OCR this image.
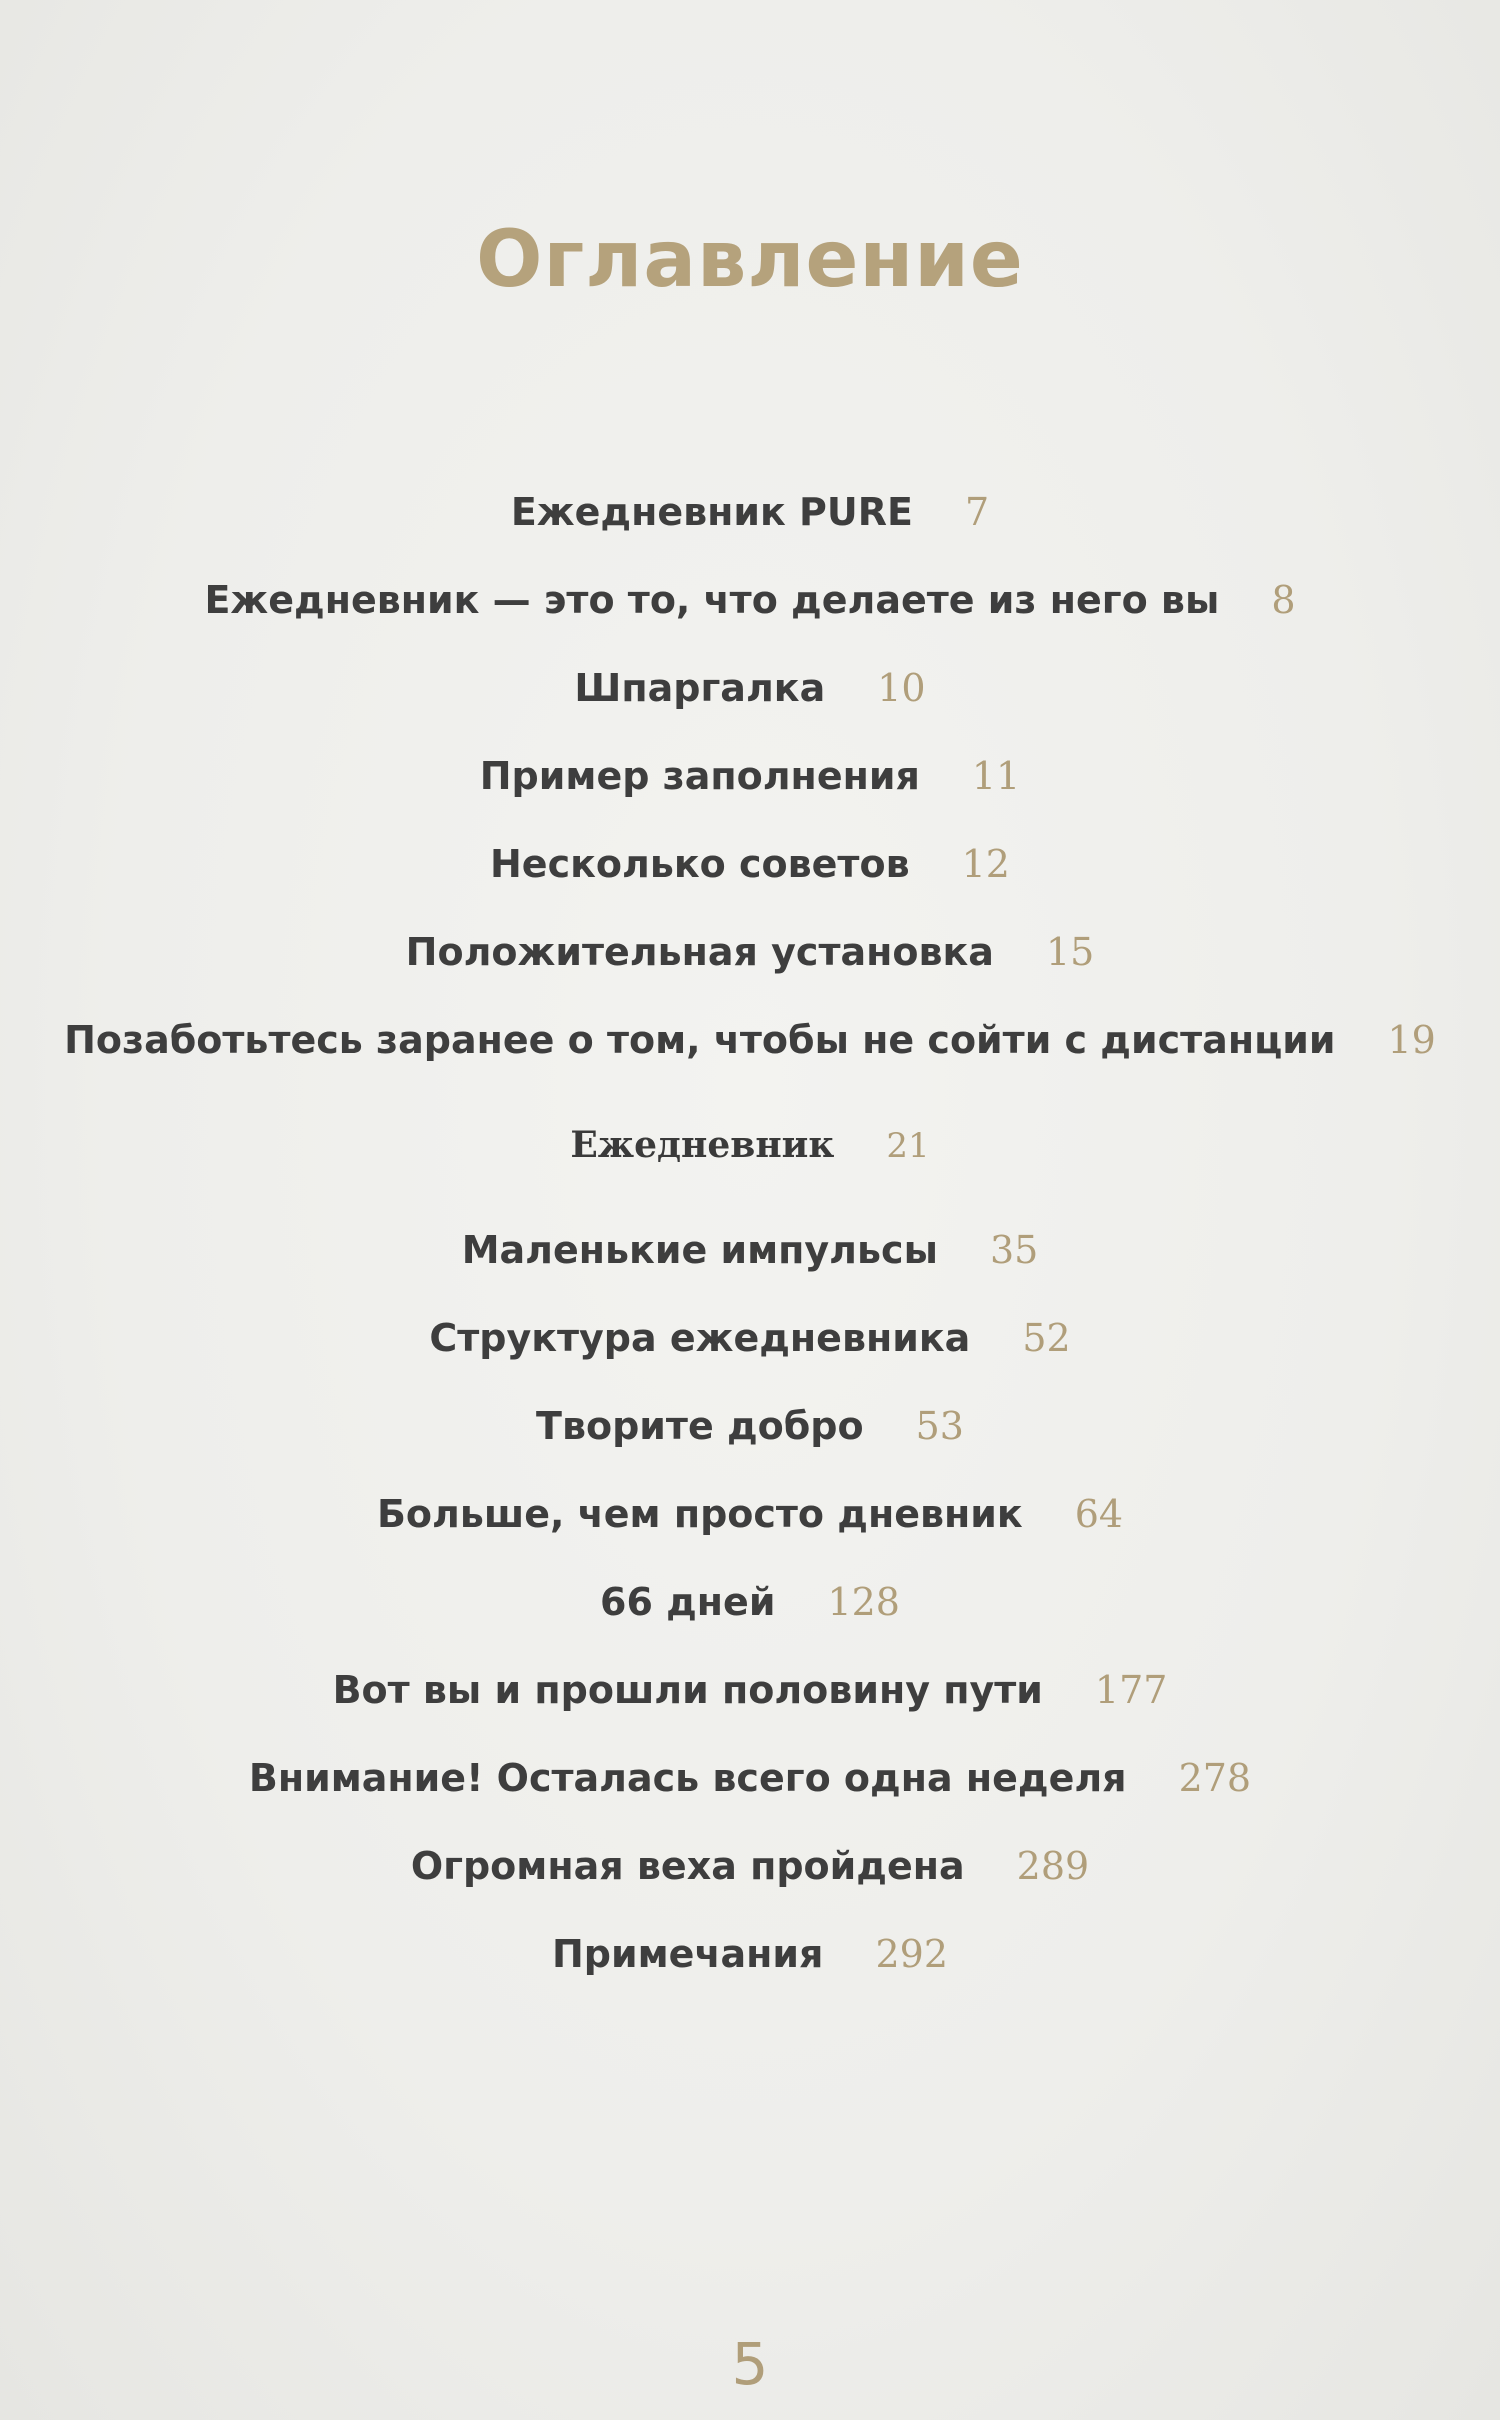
Оглавление
Ежедневник PURE 7
Ежедневник — это то, что делаете из него вы 8
Шпаргалка 10
Пример заполнения 11
Несколько советов 12
Положительная установка 15
Позаботьтесь заранее о том, чтобы не сойти с дистанции 19
Ежедневник 21
Маленькие импульсы 35
Структура ежедневника 52
Творите добро 53
Больше, чем просто дневник 64
66 дней 128
Вот вы и прошли половину пути 177
Внимание! Осталась всего одна неделя 278
Огромная веха пройдена 289
Примечания 292
5
